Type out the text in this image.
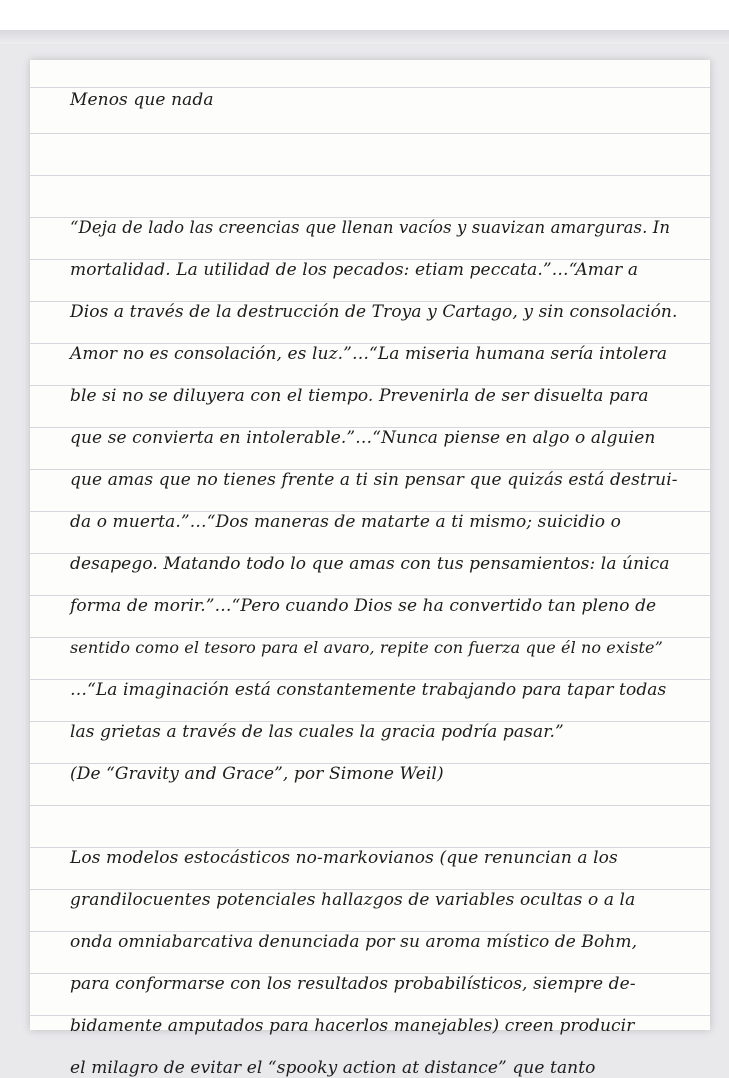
Menos que nada
“Deja de lado las creencias que llenan vacíos y suavizan amarguras. In
mortalidad. La utilidad de los pecados: etiam peccata.”…“Amar a
Dios a través de la destrucción de Troya y Cartago, y sin consolación.
Amor no es consolación, es luz.”…“La miseria humana sería intolera
ble si no se diluyera con el tiempo. Prevenirla de ser disuelta para
que se convierta en intolerable.”…“Nunca piense en algo o alguien
que amas que no tienes frente a ti sin pensar que quizás está destrui-
da o muerta.”…“Dos maneras de matarte a ti mismo; suicidio o
desapego. Matando todo lo que amas con tus pensamientos: la única
forma de morir.”…“Pero cuando Dios se ha convertido tan pleno de
sentido como el tesoro para el avaro, repite con fuerza que él no existe”
…“La imaginación está constantemente trabajando para tapar todas
las grietas a través de las cuales la gracia podría pasar.”
(De “Gravity and Grace”, por Simone Weil)
Los modelos estocásticos no-markovianos (que renuncian a los
grandilocuentes potenciales hallazgos de variables ocultas o a la
onda omniabarcativa denunciada por su aroma místico de Bohm,
para conformarse con los resultados probabilísticos, siempre de-
bidamente amputados para hacerlos manejables) creen producir
el milagro de evitar el “spooky action at distance” que tanto
